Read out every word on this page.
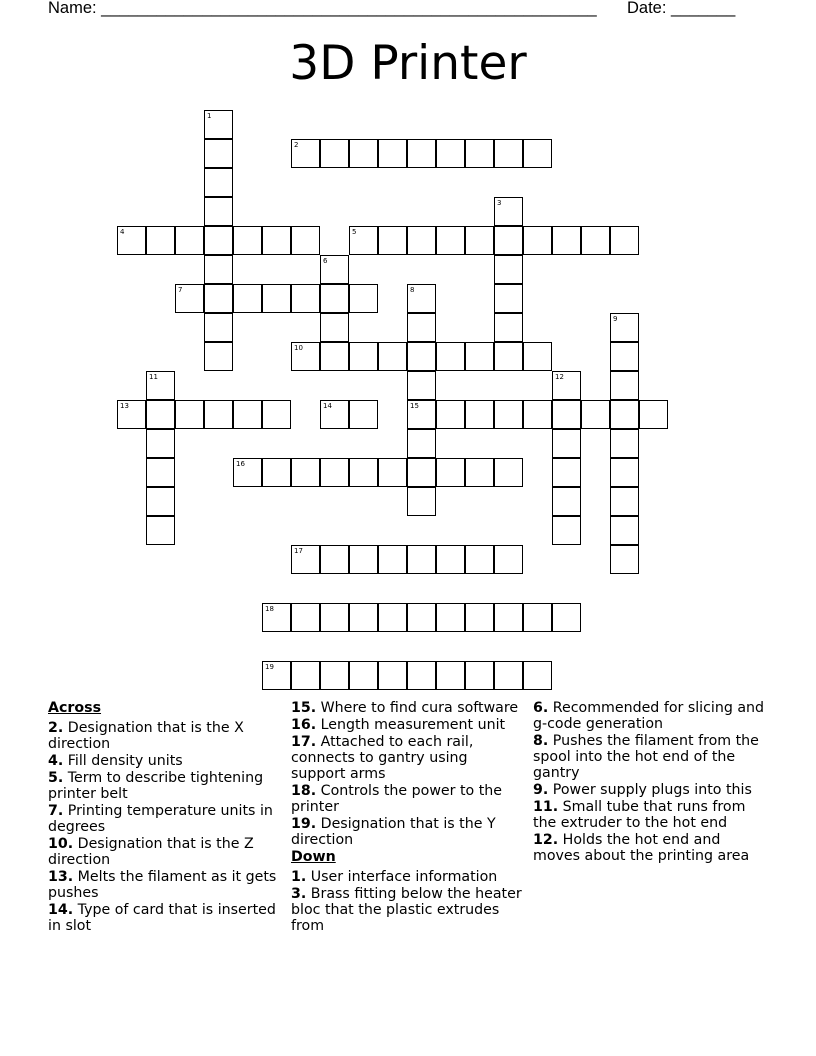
Name: ______________________________________________________ Date: _______
3D Printer
1
2
3
4	5
6
7	8
15
9
10
11	12
13	14
16
17
18
19
Across
2. Designation that is the X direction
4. Fill density units
5. Term to describe tightening printer belt
7. Printing temperature units in degrees
10. Designation that is the Z direction
13. Melts the filament as it gets pushes
14. Type of card that is inserted in slot
15. Where to find cura software
16. Length measurement unit
17. Attached to each rail, connects to gantry using support arms
18. Controls the power to the printer
19. Designation that is the Y direction
Down
1. User interface information
3. Brass fitting below the heater bloc that the plastic extrudes from
6. Recommended for slicing and g-code generation
8. Pushes the filament from the spool into the hot end of the gantry
9. Power supply plugs into this
11. Small tube that runs from the extruder to the hot end
12. Holds the hot end and moves about the printing area
